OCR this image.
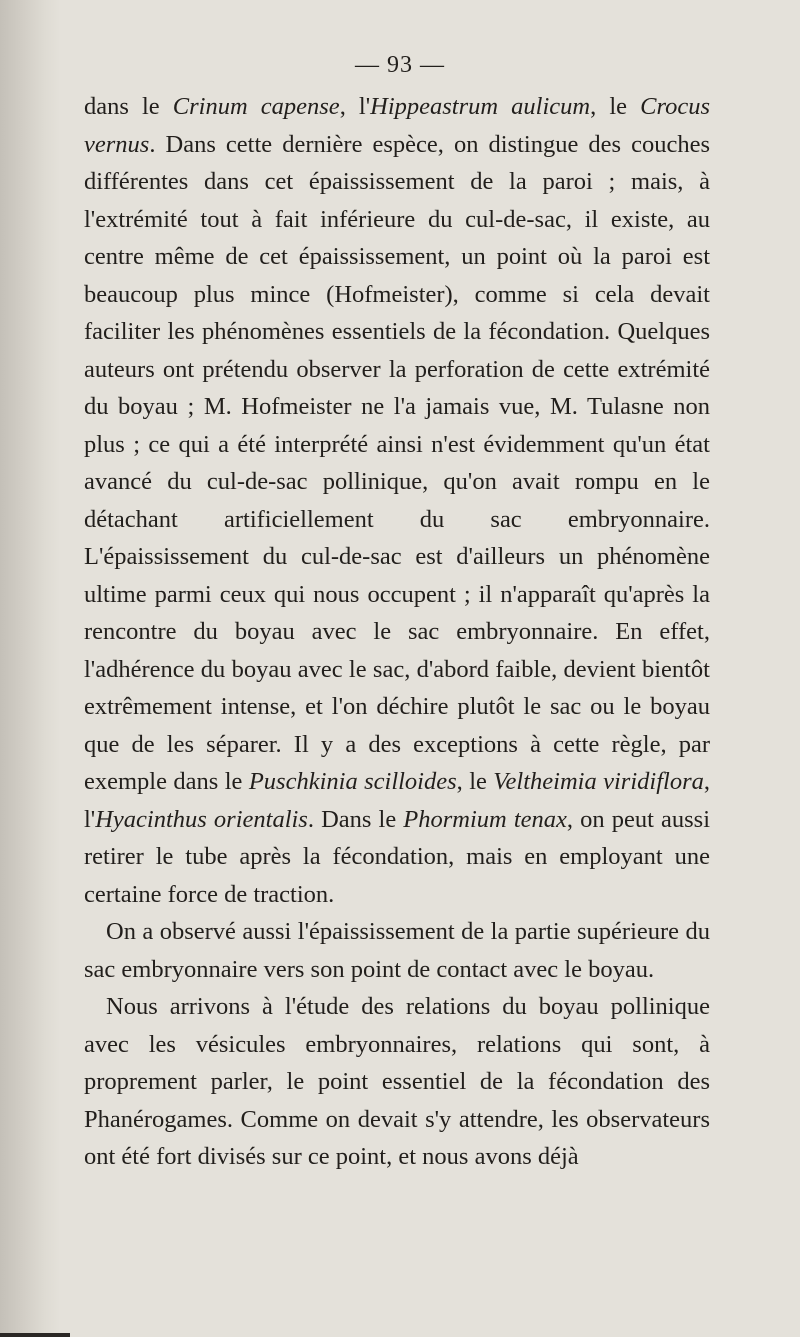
— 93 —

dans le Crinum capense, l'Hippeastrum aulicum, le Crocus vernus. Dans cette dernière espèce, on distingue des couches différentes dans cet épaississement de la paroi ; mais, à l'extrémité tout à fait inférieure du cul-de-sac, il existe, au centre même de cet épaississement, un point où la paroi est beaucoup plus mince (Hofmeister), comme si cela devait faciliter les phénomènes essentiels de la fécondation. Quelques auteurs ont prétendu observer la perforation de cette extrémité du boyau ; M. Hofmeister ne l'a jamais vue, M. Tulasne non plus ; ce qui a été interprété ainsi n'est évidemment qu'un état avancé du cul-de-sac pollinique, qu'on avait rompu en le détachant artificiellement du sac embryonnaire. L'épaississement du cul-de-sac est d'ailleurs un phénomène ultime parmi ceux qui nous occupent ; il n'apparaît qu'après la rencontre du boyau avec le sac embryonnaire. En effet, l'adhérence du boyau avec le sac, d'abord faible, devient bientôt extrêmement intense, et l'on déchire plutôt le sac ou le boyau que de les séparer. Il y a des exceptions à cette règle, par exemple dans le Puschkinia scilloides, le Veltheimia viridiflora, l'Hyacinthus orientalis. Dans le Phormium tenax, on peut aussi retirer le tube après la fécondation, mais en employant une certaine force de traction.

On a observé aussi l'épaississement de la partie supérieure du sac embryonnaire vers son point de contact avec le boyau.

Nous arrivons à l'étude des relations du boyau pollinique avec les vésicules embryonnaires, relations qui sont, à proprement parler, le point essentiel de la fécondation des Phanérogames. Comme on devait s'y attendre, les observateurs ont été fort divisés sur ce point, et nous avons déjà
